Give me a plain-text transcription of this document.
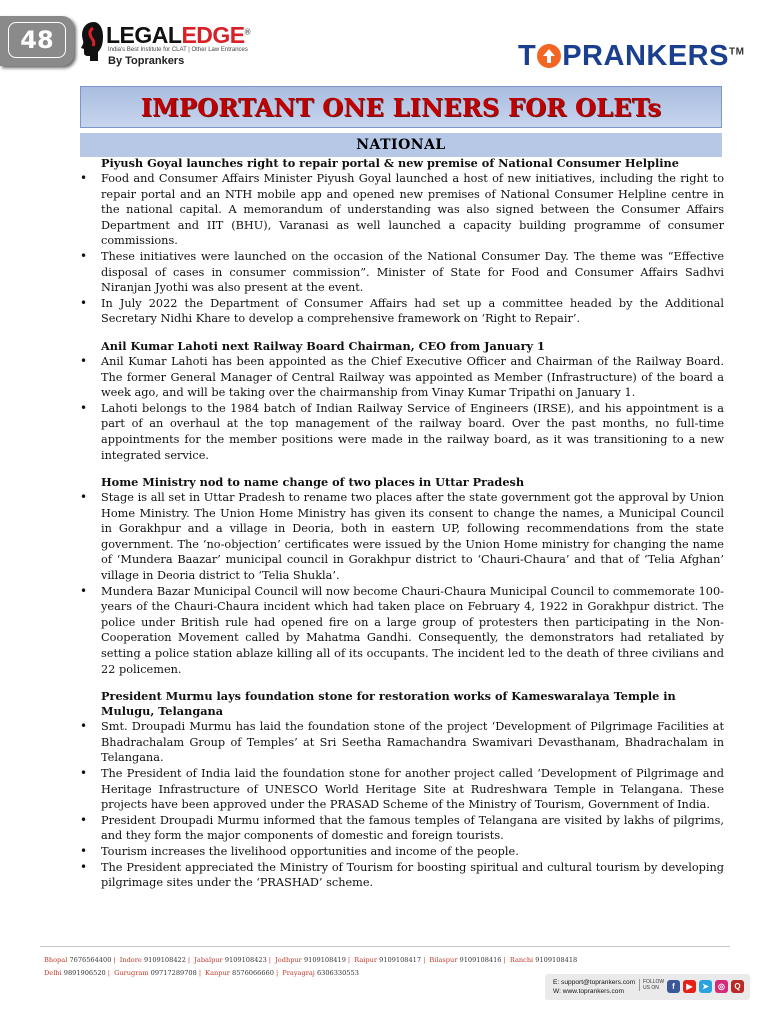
48	LEGALEDGE®
India's Best Institute for CLAT | Other Law Entrances
By Toprankers	T PRANKERS™
IMPORTANT ONE LINERS FOR OLETs
NATIONAL

Piyush Goyal launches right to repair portal & new premise of National Consumer Helpline

• Food and Consumer Affairs Minister Piyush Goyal launched a host of new initiatives, including the right to repair portal and an NTH mobile app and opened new premises of National Consumer Helpline centre in the national capital. A memorandum of understanding was also signed between the Consumer Affairs Department and IIT (BHU), Varanasi as well launched a capacity building programme of consumer commissions.
• These initiatives were launched on the occasion of the National Consumer Day. The theme was “Effective disposal of cases in consumer commission”. Minister of State for Food and Consumer Affairs Sadhvi Niranjan Jyothi was also present at the event.
• In July 2022 the Department of Consumer Affairs had set up a committee headed by the Additional Secretary Nidhi Khare to develop a comprehensive framework on ‘Right to Repair’.

Anil Kumar Lahoti next Railway Board Chairman, CEO from January 1

• Anil Kumar Lahoti has been appointed as the Chief Executive Officer and Chairman of the Railway Board. The former General Manager of Central Railway was appointed as Member (Infrastructure) of the board a week ago, and will be taking over the chairmanship from Vinay Kumar Tripathi on January 1.
• Lahoti belongs to the 1984 batch of Indian Railway Service of Engineers (IRSE), and his appointment is a part of an overhaul at the top management of the railway board. Over the past months, no full-time appointments for the member positions were made in the railway board, as it was transitioning to a new integrated service.

Home Ministry nod to name change of two places in Uttar Pradesh

• Stage is all set in Uttar Pradesh to rename two places after the state government got the approval by Union Home Ministry. The Union Home Ministry has given its consent to change the names, a Municipal Council in Gorakhpur and a village in Deoria, both in eastern UP, following recommendations from the state government. The ‘no-objection’ certificates were issued by the Union Home ministry for changing the name of ‘Mundera Baazar’ municipal council in Gorakhpur district to ‘Chauri-Chaura’ and that of ‘Telia Afghan’ village in Deoria district to ‘Telia Shukla’.
• Mundera Bazar Municipal Council will now become Chauri-Chaura Municipal Council to commemorate 100-years of the Chauri-Chaura incident which had taken place on February 4, 1922 in Gorakhpur district. The police under British rule had opened fire on a large group of protesters then participating in the Non-Cooperation Movement called by Mahatma Gandhi. Consequently, the demonstrators had retaliated by setting a police station ablaze killing all of its occupants. The incident led to the death of three civilians and 22 policemen.

President Murmu lays foundation stone for restoration works of Kameswaralaya Temple in Mulugu, Telangana

• Smt. Droupadi Murmu has laid the foundation stone of the project ‘Development of Pilgrimage Facilities at Bhadrachalam Group of Temples’ at Sri Seetha Ramachandra Swamivari Devasthanam, Bhadrachalam in Telangana.
• The President of India laid the foundation stone for another project called ‘Development of Pilgrimage and Heritage Infrastructure of UNESCO World Heritage Site at Rudreshwara Temple in Telangana. These projects have been approved under the PRASAD Scheme of the Ministry of Tourism, Government of India.
• President Droupadi Murmu informed that the famous temples of Telangana are visited by lakhs of pilgrims, and they form the major components of domestic and foreign tourists.
• Tourism increases the livelihood opportunities and income of the people.
• The President appreciated the Ministry of Tourism for boosting spiritual and cultural tourism by developing pilgrimage sites under the ‘PRASHAD’ scheme.
Bhopal 7676564400 | Indore 9109108422 | Jabalpur 9109108423 | Jodhpur 9109108419 | Raipur 9109108417 | Bilaspur 9109108416 | Ranchi 9109108418
Delhi 9891906520 | Gurugram 09717289708 | Kanpur 8576066660 | Prayagraj 6306330553
E: support@toprankers.com
W: www.toprankers.com
FOLLOW US ON	f	▶	➤	◎	Q
